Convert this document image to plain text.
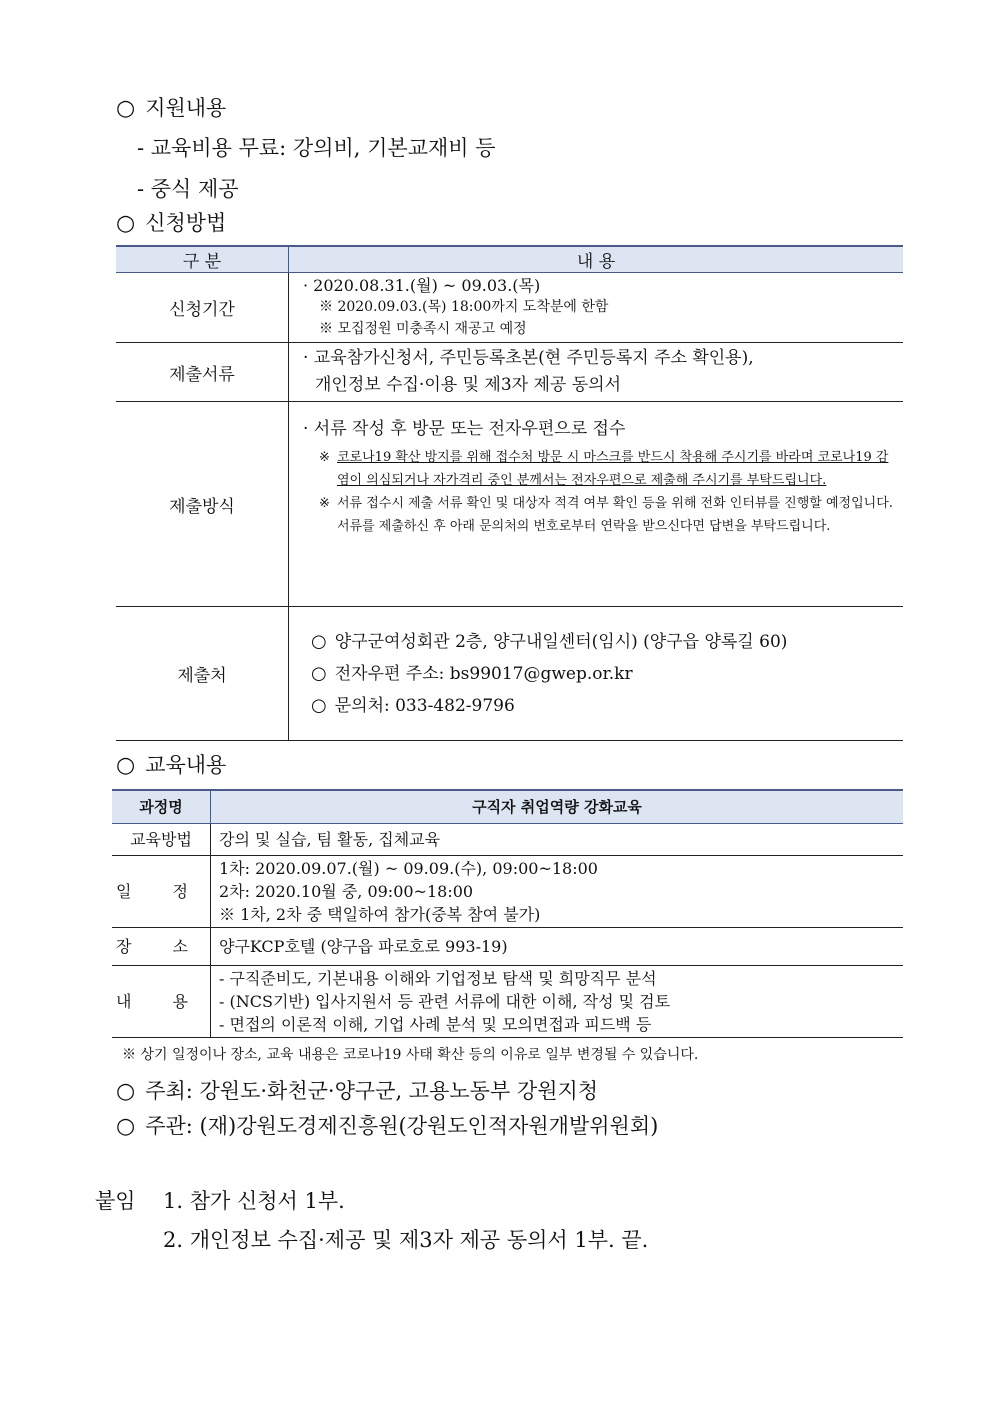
○ 지원내용
- 교육비용 무료: 강의비, 기본교재비 등
- 중식 제공
○ 신청방법
구 분	내 용
신청기간	· 2020.08.31.(월) ~ 09.03.(목)
※ 2020.09.03.(목) 18:00까지 도착분에 한함
※ 모집정원 미충족시 재공고 예정

제출서류	· 교육참가신청서, 주민등록초본(현 주민등록지 주소 확인용),
개인정보 수집·이용 및 제3자 제공 동의서

제출방식	· 서류 작성 후 방문 또는 전자우편으로 접수
※ 코로나19 확산 방지를 위해 접수처 방문 시 마스크를 반드시 착용해 주시기를 바라며 코로나19 감염이 의심되거나 자가격리 중인 분께서는 전자우편으로 제출해 주시기를 부탁드립니다.
※ 서류 접수시 제출 서류 확인 및 대상자 적격 여부 확인 등을 위해 전화 인터뷰를 진행할 예정입니다. 서류를 제출하신 후 아래 문의처의 번호로부터 연락을 받으신다면 답변을 부탁드립니다.

제출처	○ 양구군여성회관 2층, 양구내일센터(임시) (양구읍 양록길 60)
○ 전자우편 주소: bs99017@gwep.or.kr
○ 문의처: 033-482-9796
○ 교육내용
과정명	구직자 취업역량 강화교육
교육방법	강의 및 실습, 팀 활동, 집체교육
일 정	1차: 2020.09.07.(월) ~ 09.09.(수), 09:00~18:00
2차: 2020.10월 중, 09:00~18:00
※ 1차, 2차 중 택일하여 참가(중복 참여 불가)

장 소	양구KCP호텔 (양구읍 파로호로 993-19)
내 용	- 구직준비도, 기본내용 이해와 기업정보 탐색 및 희망직무 분석
- (NCS기반) 입사지원서 등 관련 서류에 대한 이해, 작성 및 검토
- 면접의 이론적 이해, 기업 사례 분석 및 모의면접과 피드백 등
※ 상기 일정이나 장소, 교육 내용은 코로나19 사태 확산 등의 이유로 일부 변경될 수 있습니다.
○ 주최: 강원도·화천군·양구군, 고용노동부 강원지청
○ 주관: (재)강원도경제진흥원(강원도인적자원개발위원회)
붙임 1. 참가 신청서 1부.
2. 개인정보 수집·제공 및 제3자 제공 동의서 1부. 끝.
